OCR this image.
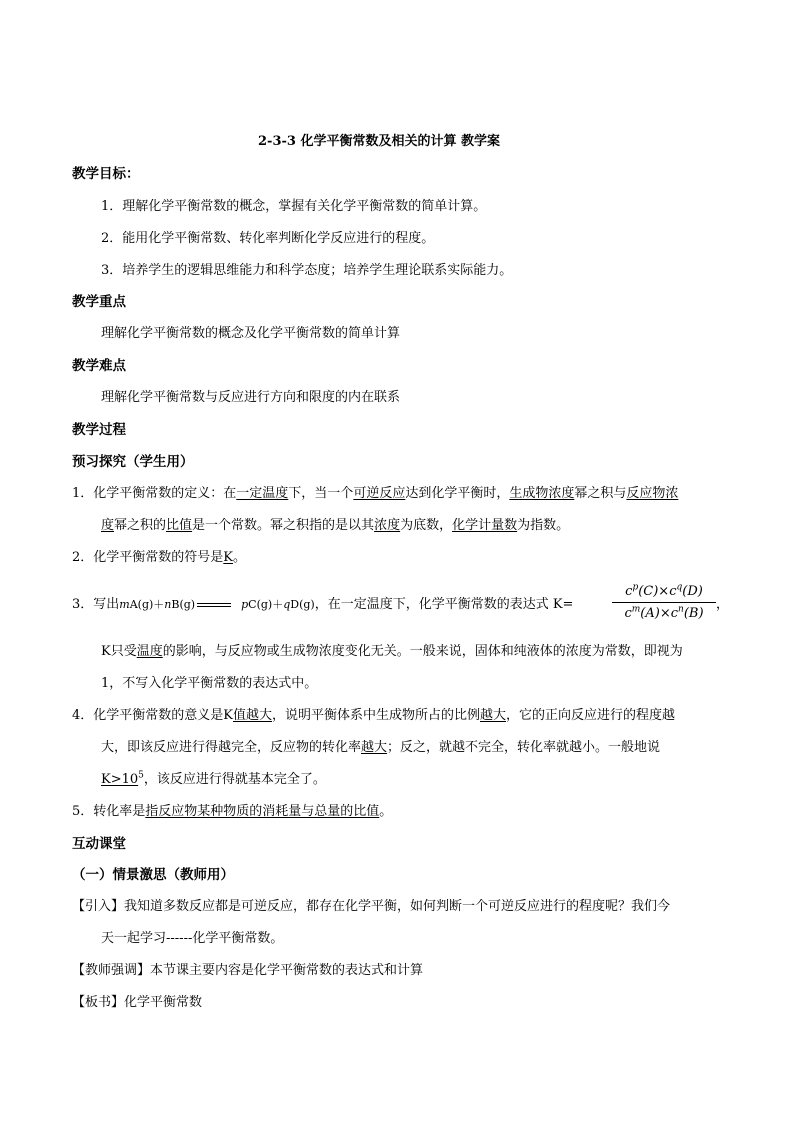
2-3-3 化学平衡常数及相关的计算 教学案
教学目标：
1．理解化学平衡常数的概念，掌握有关化学平衡常数的简单计算。
2．能用化学平衡常数、转化率判断化学反应进行的程度。
3．培养学生的逻辑思维能力和科学态度；培养学生理论联系实际能力。
教学重点
理解化学平衡常数的概念及化学平衡常数的简单计算
教学难点
理解化学平衡常数与反应进行方向和限度的内在联系
教学过程
预习探究（学生用）
1．化学平衡常数的定义：在一定温度下，当一个可逆反应达到化学平衡时，生成物浓度幂之积与反应物浓
度幂之积的比值是一个常数。幂之积指的是以其浓度为底数，化学计量数为指数。
2．化学平衡常数的符号是K。
3．写出mA(g)＋nB(g)	pC(g)＋qD(g)，在一定温度下，化学平衡常数的表达式 K=
$c^p(C)\times c^q(D)$
$c^m(A)\times c^n(B)$
，
K只受温度的影响，与反应物或生成物浓度变化无关。一般来说，固体和纯液体的浓度为常数，即视为
1，不写入化学平衡常数的表达式中。
4．化学平衡常数的意义是K值越大，说明平衡体系中生成物所占的比例越大，它的正向反应进行的程度越
大，即该反应进行得越完全，反应物的转化率越大；反之，就越不完全，转化率就越小。一般地说
$K>10^5$，该反应进行得就基本完全了。
5．转化率是指反应物某种物质的消耗量与总量的比值。
互动课堂
（一）情景激思（教师用）
【引入】我知道多数反应都是可逆反应，都存在化学平衡，如何判断一个可逆反应进行的程度呢？我们今
天一起学习------化学平衡常数。
【教师强调】本节课主要内容是化学平衡常数的表达式和计算
【板书】化学平衡常数
